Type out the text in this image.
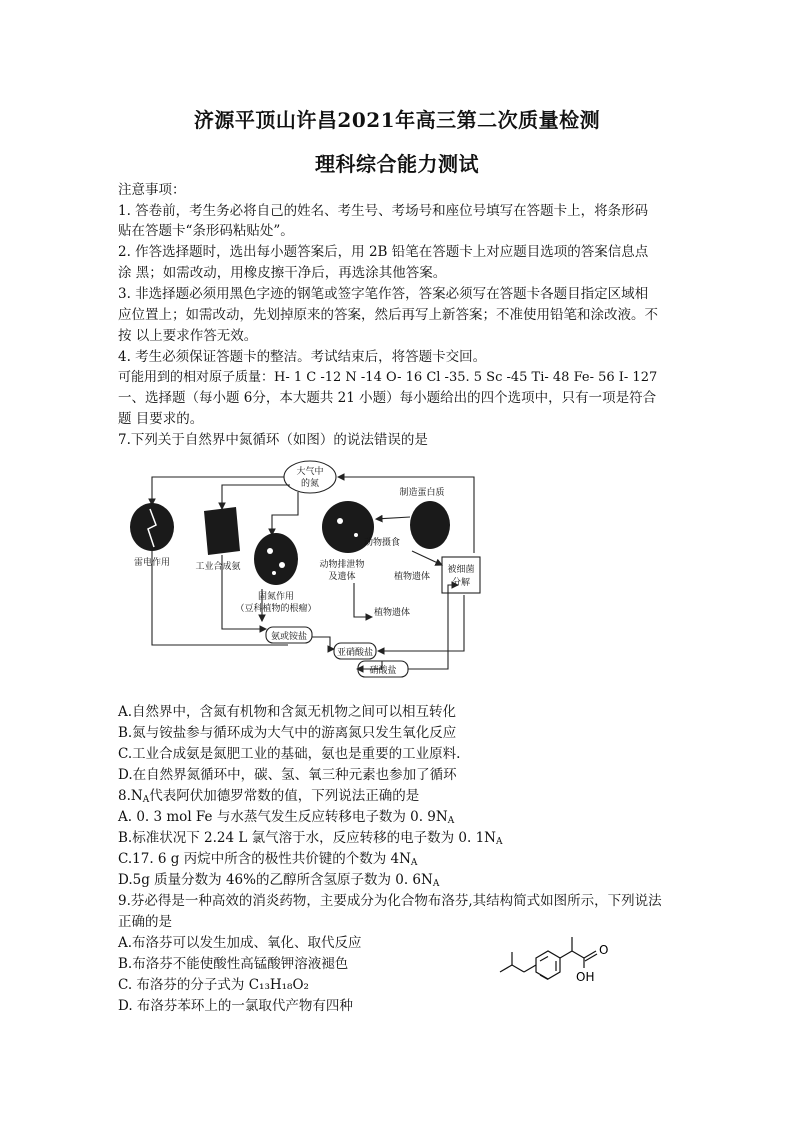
济源平顶山许昌2021年高三第二次质量检测
理科综合能力测试
注意事项：
1. 答卷前，考生务必将自己的姓名、考生号、考场号和座位号填写在答题卡上，将条形码
贴在答题卡“条形码粘贴处”。
2. 作答选择题时，选出每小题答案后，用 2B 铅笔在答题卡上对应题目选项的答案信息点
涂 黑；如需改动，用橡皮擦干净后，再选涂其他答案。
3. 非选择题必须用黑色字迹的钢笔或签字笔作答，答案必须写在答题卡各题目指定区域相
应位置上；如需改动，先划掉原来的答案，然后再写上新答案；不准使用铅笔和涂改液。不
按 以上要求作答无效。
4. 考生必须保证答题卡的整洁。考试结束后，将答题卡交回。
可能用到的相对原子质量：H- 1 C -12 N -14 O- 16 Cl -35. 5 Sc -45 Ti- 48 Fe- 56 I- 127
一、选择题（每小题 6分，本大题共 21 小题）每小题给出的四个选项中，只有一项是符合
题 目要求的。
7.下列关于自然界中氮循环（如图）的说法错误的是
大气中
的氮
雷电作用	工业合成氨
固氮作用
（豆科植物的根瘤）
动物排泄物
及遗体
制造蛋白质
动物摄食
植物遗体
植物遗体
被细菌
分解
氨或铵盐
亚硝酸盐
硝酸盐
A.自然界中，含氮有机物和含氮无机物之间可以相互转化
B.氮与铵盐参与循环成为大气中的游离氮只发生氧化反应
C.工业合成氨是氮肥工业的基础，氨也是重要的工业原料.
D.在自然界氮循环中，碳、氢、氧三种元素也参加了循环
$8.N_A$代表阿伏加德罗常数的值，下列说法正确的是
A. 0. 3 mol Fe 与水蒸气发生反应转移电子数为 0. $9N_A$
B.标准状况下 2.24 L 氯气溶于水，反应转移的电子数为 0. $1N_A$
C.17. 6 g 丙烷中所含的极性共价键的个数为 $4N_A$
D.5g 质量分数为 46%的乙醇所含氢原子数为 0. $6N_A$
9.芬必得是一种高效的消炎药物，主要成分为化合物布洛芬,其结构简式如图所示，下列说法
正确的是
A.布洛芬可以发生加成、氧化、取代反应
B.布洛芬不能使酸性高锰酸钾溶液褪色
C. 布洛芬的分子式为 C₁₃H₁₈O₂
D. 布洛芬苯环上的一氯取代产物有四种
O
OH
